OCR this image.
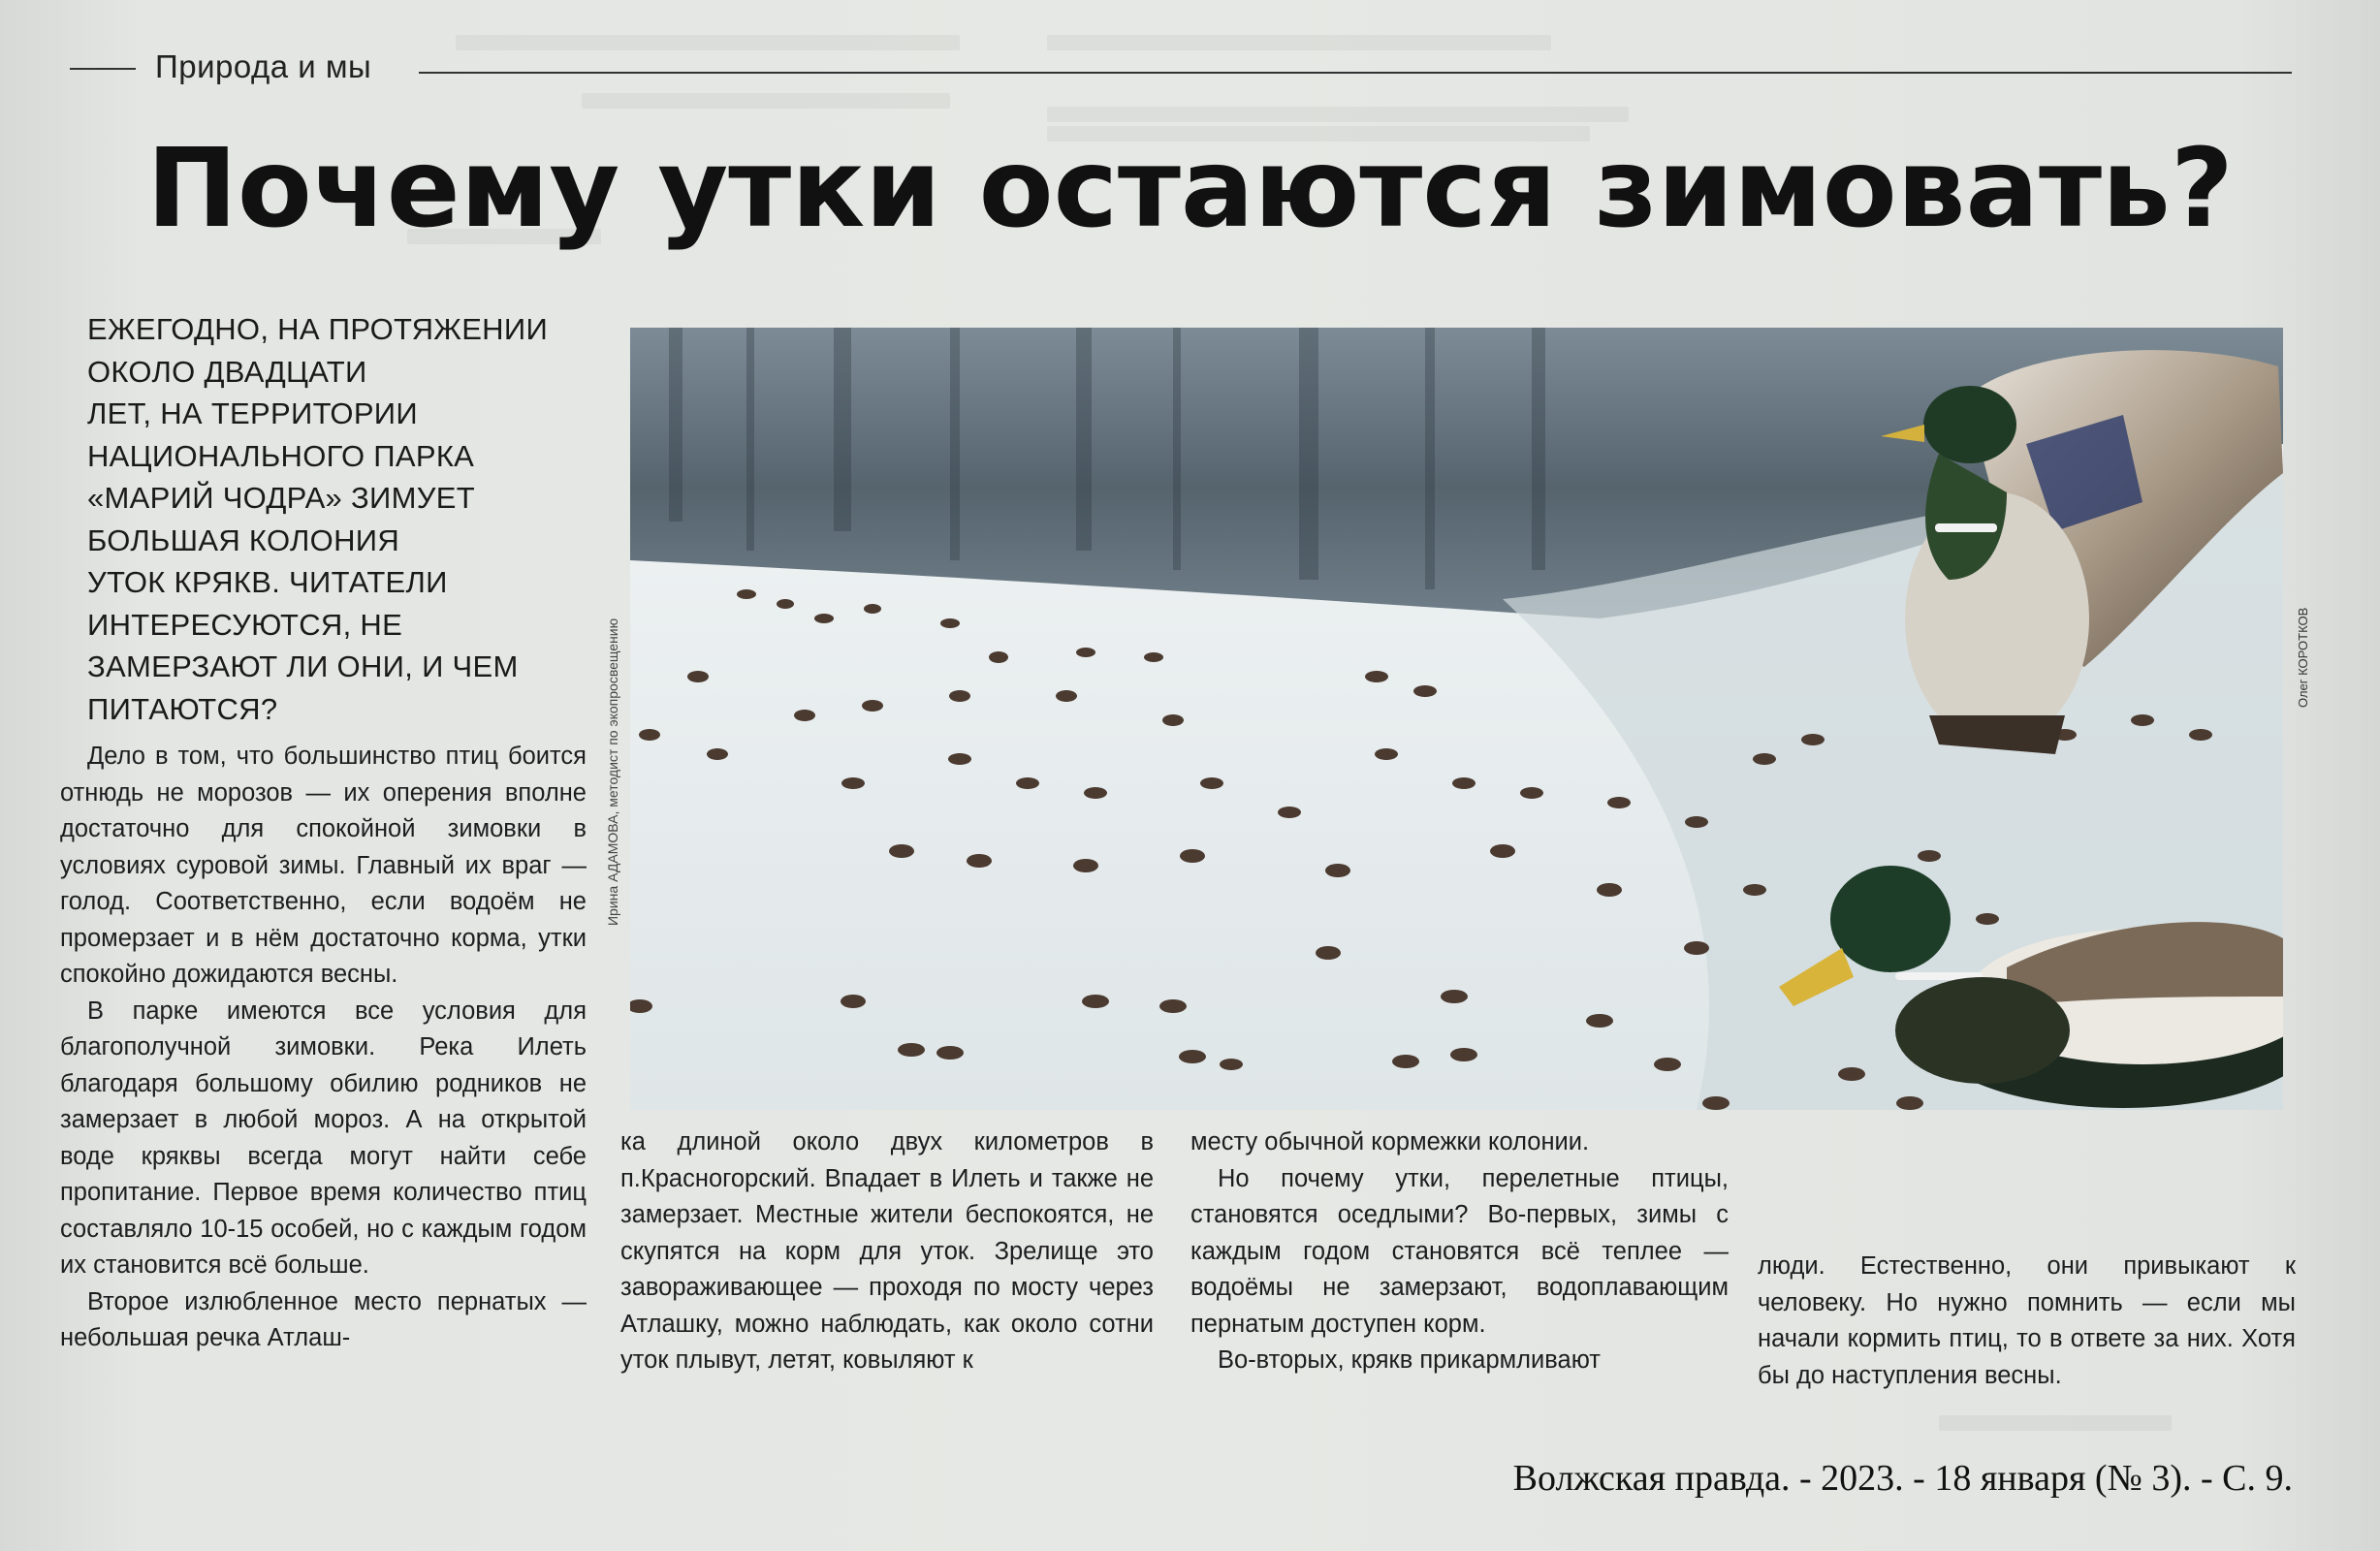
Природа и мы
Почему утки остаются зимовать?
ЕЖЕГОДНО, НА ПРОТЯЖЕНИИ
ОКОЛО ДВАДЦАТИ
ЛЕТ, НА ТЕРРИТОРИИ
НАЦИОНАЛЬНОГО ПАРКА
«МАРИЙ ЧОДРА» ЗИМУЕТ
БОЛЬШАЯ КОЛОНИЯ
УТОК КРЯКВ. ЧИТАТЕЛИ
ИНТЕРЕСУЮТСЯ, НЕ
ЗАМЕРЗАЮТ ЛИ ОНИ, И ЧЕМ
ПИТАЮТСЯ?

Дело в том, что большинство птиц боится отнюдь не морозов — их оперения вполне достаточно для спокойной зимовки в условиях суровой зимы. Главный их враг — голод. Соответственно, если водоём не промерзает и в нём достаточно корма, утки спокойно дожидаются весны.

В парке имеются все условия для благополучной зимовки. Река Илеть благодаря большому обилию родников не замерзает в любой мороз. А на открытой воде кряквы всегда могут найти себе пропитание. Первое время количество птиц составляло 10-15 особей, но с каждым годом их становится всё больше.

Второе излюбленное место пернатых — небольшая речка Атлаш-

ка длиной около двух километров в п.Красногорский. Впадает в Илеть и также не замерзает. Местные жители беспокоятся, не скупятся на корм для уток. Зрелище это завораживающее — проходя по мосту через Атлашку, можно наблюдать, как около сотни уток плывут, летят, ковыляют к

месту обычной кормежки колонии.

Но почему утки, перелетные птицы, становятся оседлыми? Во-первых, зимы с каждым годом становятся всё теплее — водоёмы не замерзают, водоплавающим пернатым доступен корм.

Во-вторых, крякв прикармливают

люди. Естественно, они привыкают к человеку. Но нужно помнить — если мы начали кормить птиц, то в ответе за них. Хотя бы до наступления весны.

Ирина АДАМОВА, методист по экопросвещению	Олег КОРОТКОВ
Волжская правда. - 2023. - 18 января (№ 3). - С. 9.
